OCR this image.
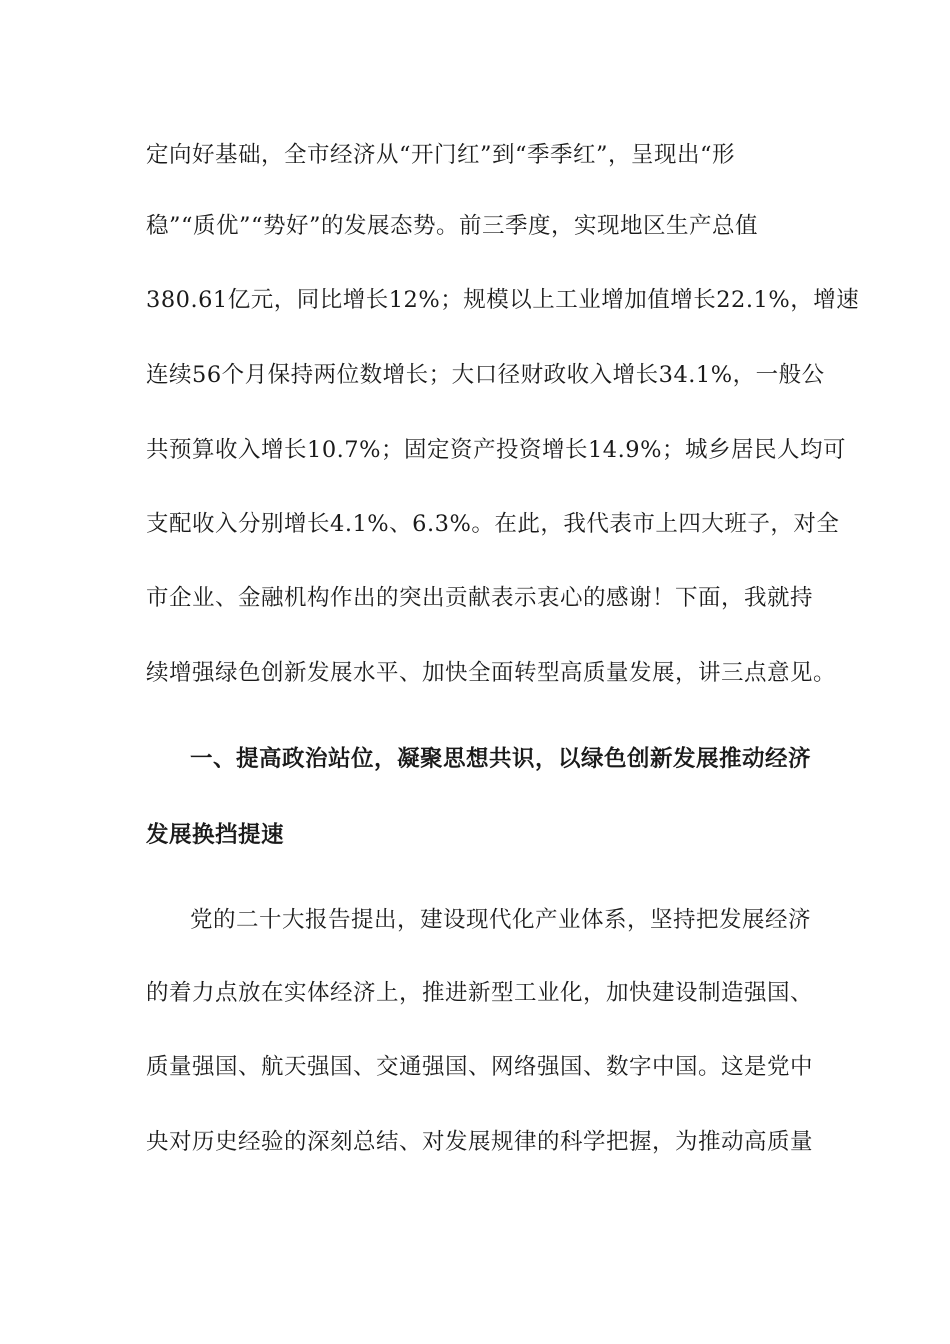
定向好基础，全市经济从“开门红”到“季季红”，呈现出“形
稳”“质优”“势好”的发展态势。前三季度，实现地区生产总值
380.61亿元，同比增长12%；规模以上工业增加值增长22.1%，增速
连续56个月保持两位数增长；大口径财政收入增长34.1%，一般公
共预算收入增长10.7%；固定资产投资增长14.9%；城乡居民人均可
支配收入分别增长4.1%、6.3%。在此，我代表市上四大班子，对全
市企业、金融机构作出的突出贡献表示衷心的感谢！下面，我就持
续增强绿色创新发展水平、加快全面转型高质量发展，讲三点意见。
一、提高政治站位，凝聚思想共识，以绿色创新发展推动经济
发展换挡提速
党的二十大报告提出，建设现代化产业体系，坚持把发展经济
的着力点放在实体经济上，推进新型工业化，加快建设制造强国、
质量强国、航天强国、交通强国、网络强国、数字中国。这是党中
央对历史经验的深刻总结、对发展规律的科学把握，为推动高质量
